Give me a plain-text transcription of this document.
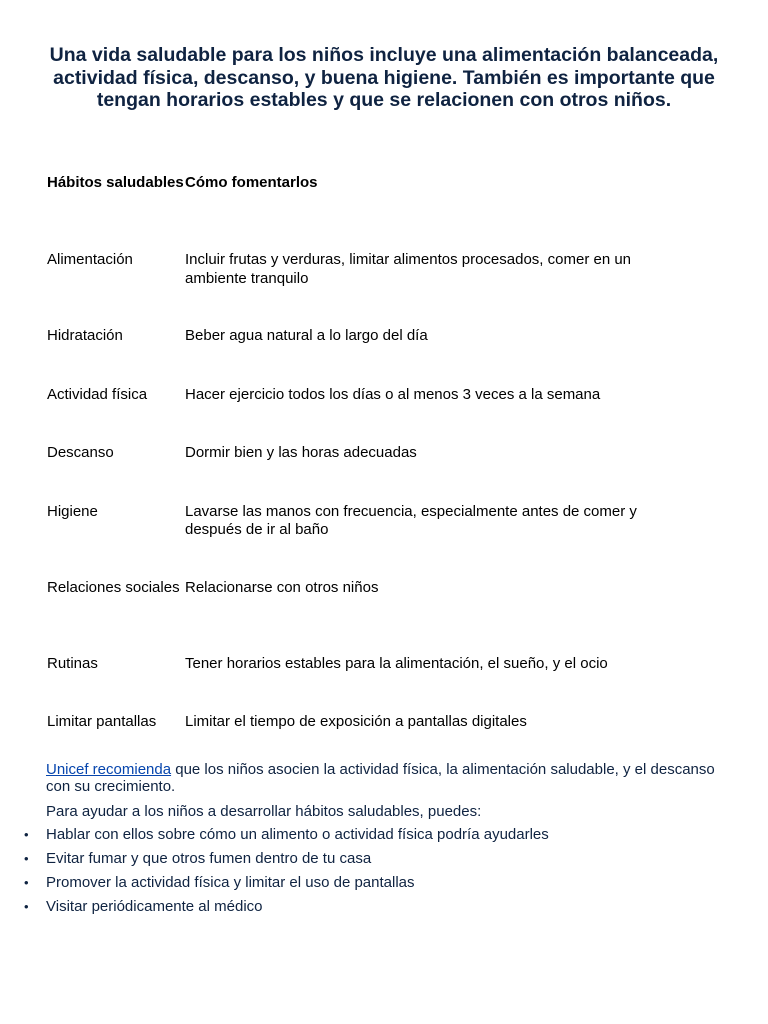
Una vida saludable para los niños incluye una alimentación balanceada, actividad física, descanso, y buena higiene. También es importante que tengan horarios estables y que se relacionen con otros niños.
Hábitos saludables	Cómo fomentarlos
Alimentación	Incluir frutas y verduras, limitar alimentos procesados, comer en un ambiente tranquilo
Hidratación	Beber agua natural a lo largo del día
Actividad física	Hacer ejercicio todos los días o al menos 3 veces a la semana
Descanso	Dormir bien y las horas adecuadas
Higiene	Lavarse las manos con frecuencia, especialmente antes de comer y después de ir al baño
Relaciones sociales	Relacionarse con otros niños
Rutinas	Tener horarios estables para la alimentación, el sueño, y el ocio
Limitar pantallas	Limitar el tiempo de exposición a pantallas digitales

Unicef recomienda que los niños asocien la actividad física, la alimentación saludable, y el descanso con su crecimiento.

Para ayudar a los niños a desarrollar hábitos saludables, puedes:

•	Hablar con ellos sobre cómo un alimento o actividad física podría ayudarles
•	Evitar fumar y que otros fumen dentro de tu casa
•	Promover la actividad física y limitar el uso de pantallas
•	Visitar periódicamente al médico
